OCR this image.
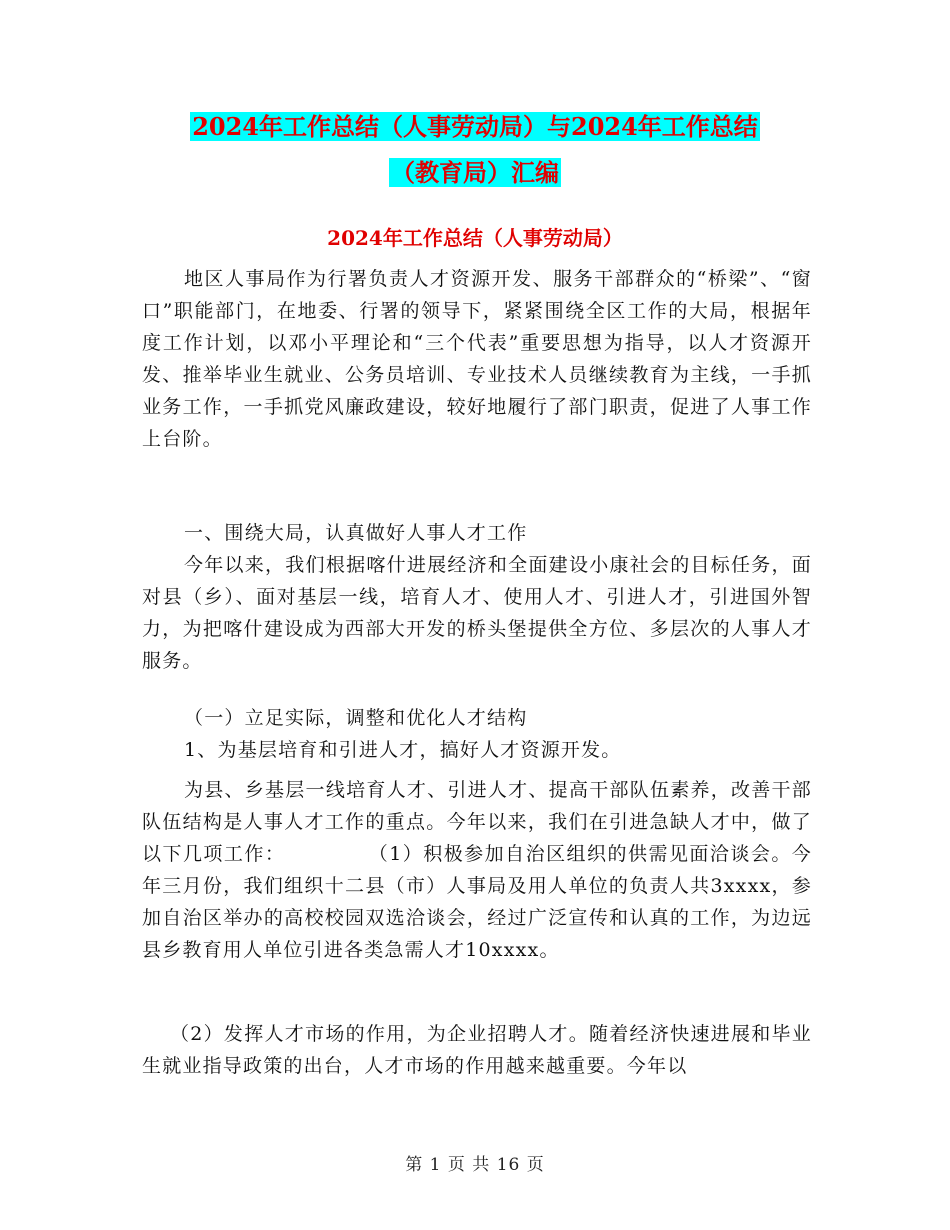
2024年工作总结（人事劳动局）与2024年工作总结
（教育局）汇编
2024年工作总结（人事劳动局）

地区人事局作为行署负责人才资源开发、服务干部群众的“桥梁”、“窗口”职能部门，在地委、行署的领导下，紧紧围绕全区工作的大局，根据年度工作计划，以邓小平理论和“三个代表”重要思想为指导，以人才资源开发、推举毕业生就业、公务员培训、专业技术人员继续教育为主线，一手抓业务工作，一手抓党风廉政建设，较好地履行了部门职责，促进了人事工作上台阶。

一、围绕大局，认真做好人事人才工作

今年以来，我们根据喀什进展经济和全面建设小康社会的目标任务，面对县（乡）、面对基层一线，培育人才、使用人才、引进人才，引进国外智力，为把喀什建设成为西部大开发的桥头堡提供全方位、多层次的人事人才服务。

（一）立足实际，调整和优化人才结构

1、为基层培育和引进人才，搞好人才资源开发。

为县、乡基层一线培育人才、引进人才、提高干部队伍素养，改善干部队伍结构是人事人才工作的重点。今年以来，我们在引进急缺人才中，做了以下几项工作：　　　　　（1）积极参加自治区组织的供需见面洽谈会。今年三月份，我们组织十二县（市）人事局及用人单位的负责人共3xxxx，参加自治区举办的高校校园双选洽谈会，经过广泛宣传和认真的工作，为边远县乡教育用人单位引进各类急需人才10xxxx。

（2）发挥人才市场的作用，为企业招聘人才。随着经济快速进展和毕业生就业指导政策的出台，人才市场的作用越来越重要。今年以

第 1 页 共 16 页
